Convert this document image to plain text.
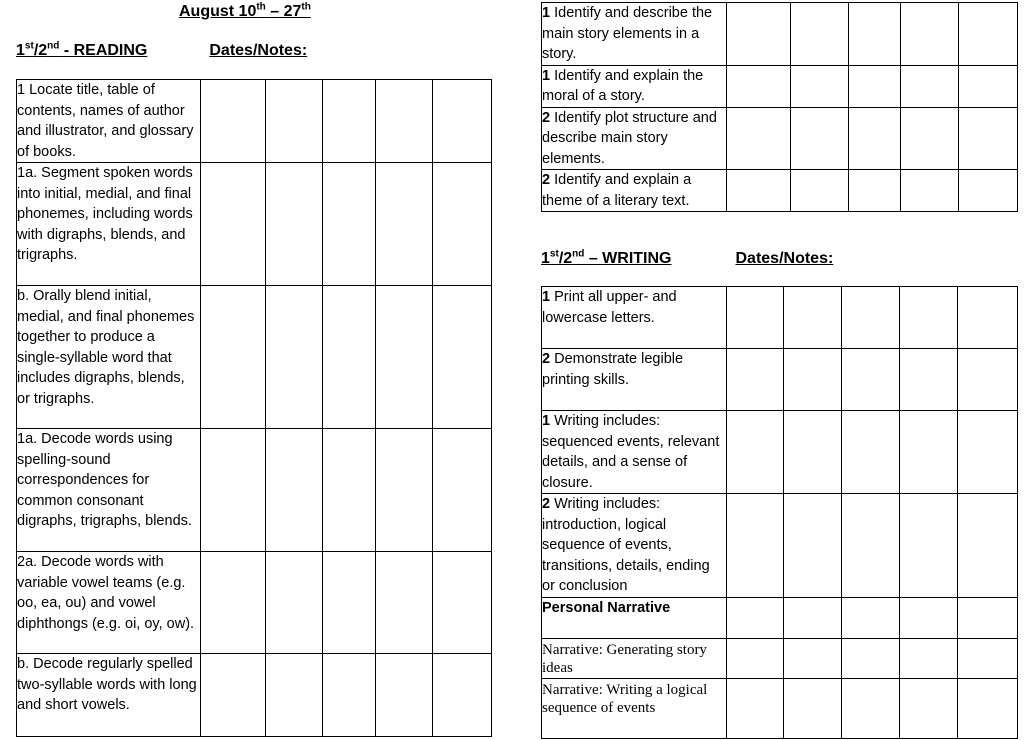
August 10th – 27th
1st/2nd - READING	Dates/Notes:
1 Locate title, table of contents, names of author and illustrator, and glossary of books.					
1a. Segment spoken words into initial, medial, and final phonemes, including words with digraphs, blends, and trigraphs.					
b. Orally blend initial, medial, and final phonemes together to produce a single-syllable word that includes digraphs, blends, or trigraphs.					
1a. Decode words using spelling-sound correspondences for common consonant digraphs, trigraphs, blends.					
2a. Decode words with variable vowel teams (e.g. oo, ea, ou) and vowel diphthongs (e.g. oi, oy, ow).					
b. Decode regularly spelled two-syllable words with long and short vowels.					
1 Identify and describe the main story elements in a story.					
1 Identify and explain the moral of a story.					
2 Identify plot structure and describe main story elements.					
2 Identify and explain a theme of a literary text.					
1st/2nd – WRITING	Dates/Notes:
1 Print all upper- and lowercase letters.					
2 Demonstrate legible printing skills.					
1 Writing includes: sequenced events, relevant details, and a sense of closure.					
2 Writing includes: introduction, logical sequence of events, transitions, details, ending or conclusion					
Personal Narrative					
Narrative: Generating story ideas					
Narrative: Writing a logical sequence of events					
